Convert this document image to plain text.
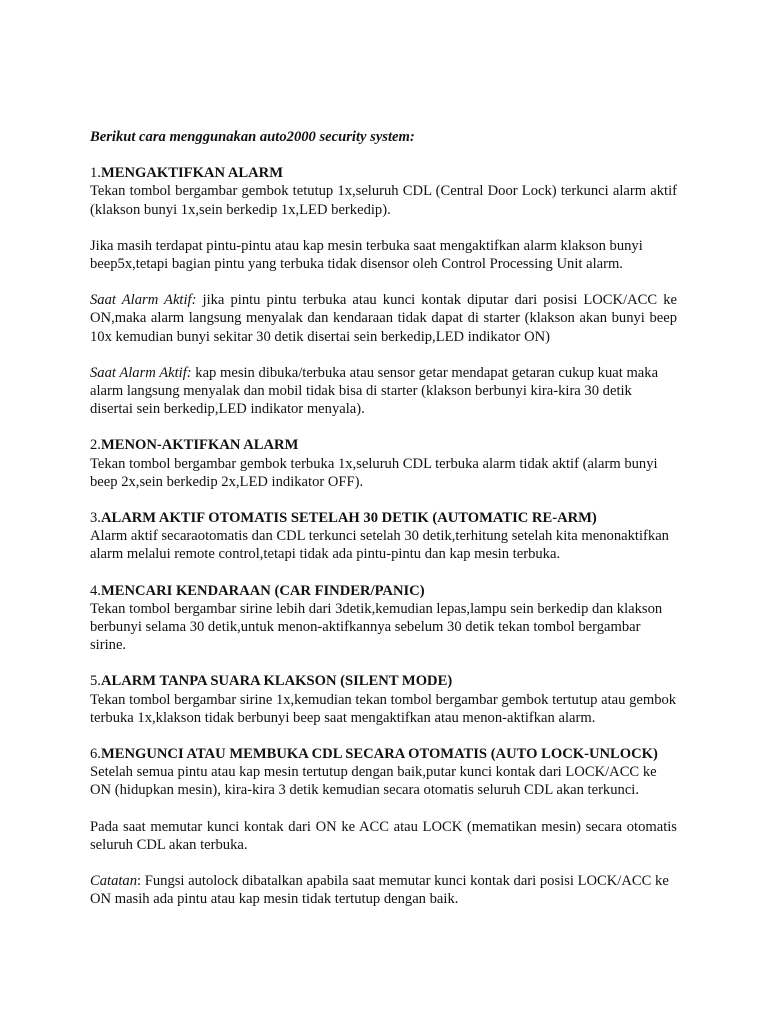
Berikut cara menggunakan auto2000 security system:

1.MENGAKTIFKAN ALARM

Tekan tombol bergambar gembok tetutup 1x,seluruh CDL (Central Door Lock) terkunci alarm aktif (klakson bunyi 1x,sein berkedip 1x,LED berkedip).

Jika masih terdapat pintu-pintu atau kap mesin terbuka saat mengaktifkan alarm klakson bunyi beep5x,tetapi bagian pintu yang terbuka tidak disensor oleh Control Processing Unit alarm.

Saat Alarm Aktif: jika pintu pintu terbuka atau kunci kontak diputar dari posisi LOCK/ACC ke ON,maka alarm langsung menyalak dan kendaraan tidak dapat di starter (klakson akan bunyi beep 10x kemudian bunyi sekitar 30 detik disertai sein berkedip,LED indikator ON)

Saat Alarm Aktif: kap mesin dibuka/terbuka atau sensor getar mendapat getaran cukup kuat maka alarm langsung menyalak dan mobil tidak bisa di starter (klakson berbunyi kira-kira 30 detik disertai sein berkedip,LED indikator menyala).

2.MENON-AKTIFKAN ALARM

Tekan tombol bergambar gembok terbuka 1x,seluruh CDL terbuka alarm tidak aktif (alarm bunyi beep 2x,sein berkedip 2x,LED indikator OFF).

3.ALARM AKTIF OTOMATIS SETELAH 30 DETIK (AUTOMATIC RE-ARM)

Alarm aktif secaraotomatis dan CDL terkunci setelah 30 detik,terhitung setelah kita menonaktifkan alarm melalui remote control,tetapi tidak ada pintu-pintu dan kap mesin terbuka.

4.MENCARI KENDARAAN (CAR FINDER/PANIC)

Tekan tombol bergambar sirine lebih dari 3detik,kemudian lepas,lampu sein berkedip dan klakson berbunyi selama 30 detik,untuk menon-aktifkannya sebelum 30 detik tekan tombol bergambar sirine.

5.ALARM TANPA SUARA KLAKSON (SILENT MODE)

Tekan tombol bergambar sirine 1x,kemudian tekan tombol bergambar gembok tertutup atau gembok terbuka 1x,klakson tidak berbunyi beep saat mengaktifkan atau menon-aktifkan alarm.

6.MENGUNCI ATAU MEMBUKA CDL SECARA OTOMATIS (AUTO LOCK-UNLOCK)

Setelah semua pintu atau kap mesin tertutup dengan baik,putar kunci kontak dari LOCK/ACC ke ON (hidupkan mesin), kira-kira 3 detik kemudian secara otomatis seluruh CDL akan terkunci.

Pada saat memutar kunci kontak dari ON ke ACC atau LOCK (mematikan mesin) secara otomatis seluruh CDL akan terbuka.

Catatan: Fungsi autolock dibatalkan apabila saat memutar kunci kontak dari posisi LOCK/ACC ke ON masih ada pintu atau kap mesin tidak tertutup dengan baik.
